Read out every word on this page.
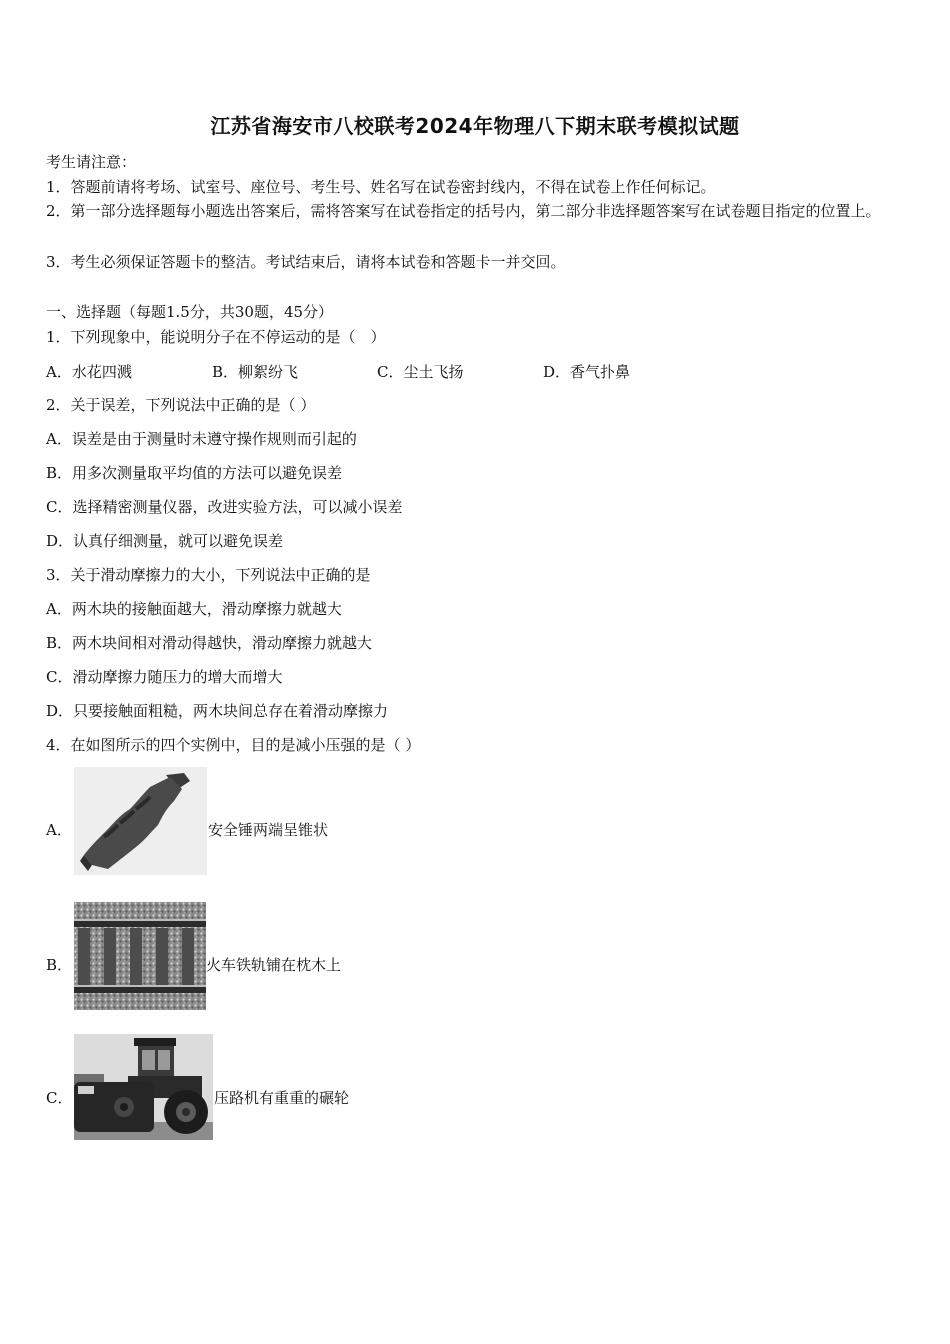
江苏省海安市八校联考2024年物理八下期末联考模拟试题
考生请注意：
1．答题前请将考场、试室号、座位号、考生号、姓名写在试卷密封线内，不得在试卷上作任何标记。
2．第一部分选择题每小题选出答案后，需将答案写在试卷指定的括号内，第二部分非选择题答案写在试卷题目指定的位置上。
3．考生必须保证答题卡的整洁。考试结束后，请将本试卷和答题卡一并交回。
一、选择题（每题1.5分，共30题，45分）
1．下列现象中，能说明分子在不停运动的是（　）
A．水花四溅	B．柳絮纷飞	C．尘土飞扬	D．香气扑鼻
2．关于误差，下列说法中正确的是（ ）
A．误差是由于测量时未遵守操作规则而引起的
B．用多次测量取平均值的方法可以避免误差
C．选择精密测量仪器，改进实验方法，可以减小误差
D．认真仔细测量，就可以避免误差
3．关于滑动摩擦力的大小，下列说法中正确的是
A．两木块的接触面越大，滑动摩擦力就越大
B．两木块间相对滑动得越快，滑动摩擦力就越大
C．滑动摩擦力随压力的增大而增大
D．只要接触面粗糙，两木块间总存在着滑动摩擦力
4．在如图所示的四个实例中，目的是减小压强的是（ ）
A．	安全锤两端呈锥状
B．	火车铁轨铺在枕木上
C．	压路机有重重的碾轮
